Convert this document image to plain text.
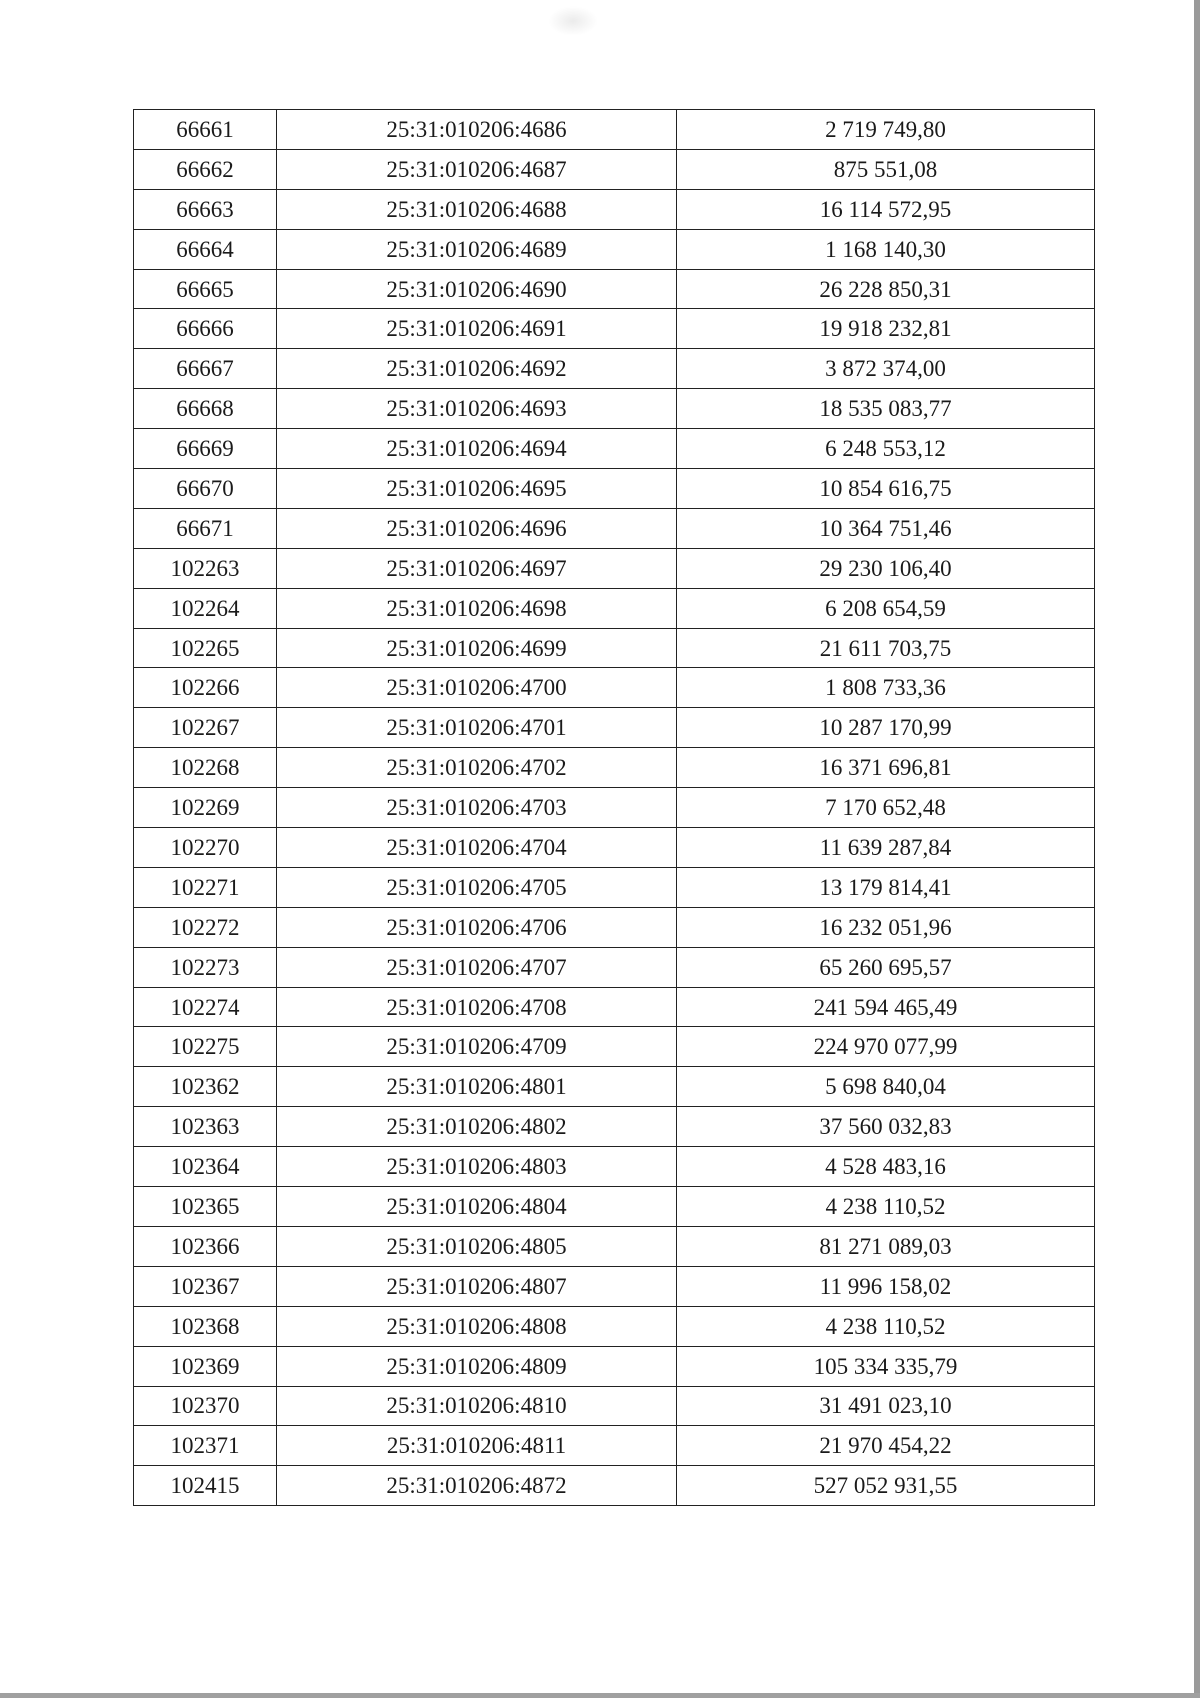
66661	25:31:010206:4686	2 719 749,80
66662	25:31:010206:4687	875 551,08
66663	25:31:010206:4688	16 114 572,95
66664	25:31:010206:4689	1 168 140,30
66665	25:31:010206:4690	26 228 850,31
66666	25:31:010206:4691	19 918 232,81
66667	25:31:010206:4692	3 872 374,00
66668	25:31:010206:4693	18 535 083,77
66669	25:31:010206:4694	6 248 553,12
66670	25:31:010206:4695	10 854 616,75
66671	25:31:010206:4696	10 364 751,46
102263	25:31:010206:4697	29 230 106,40
102264	25:31:010206:4698	6 208 654,59
102265	25:31:010206:4699	21 611 703,75
102266	25:31:010206:4700	1 808 733,36
102267	25:31:010206:4701	10 287 170,99
102268	25:31:010206:4702	16 371 696,81
102269	25:31:010206:4703	7 170 652,48
102270	25:31:010206:4704	11 639 287,84
102271	25:31:010206:4705	13 179 814,41
102272	25:31:010206:4706	16 232 051,96
102273	25:31:010206:4707	65 260 695,57
102274	25:31:010206:4708	241 594 465,49
102275	25:31:010206:4709	224 970 077,99
102362	25:31:010206:4801	5 698 840,04
102363	25:31:010206:4802	37 560 032,83
102364	25:31:010206:4803	4 528 483,16
102365	25:31:010206:4804	4 238 110,52
102366	25:31:010206:4805	81 271 089,03
102367	25:31:010206:4807	11 996 158,02
102368	25:31:010206:4808	4 238 110,52
102369	25:31:010206:4809	105 334 335,79
102370	25:31:010206:4810	31 491 023,10
102371	25:31:010206:4811	21 970 454,22
102415	25:31:010206:4872	527 052 931,55
